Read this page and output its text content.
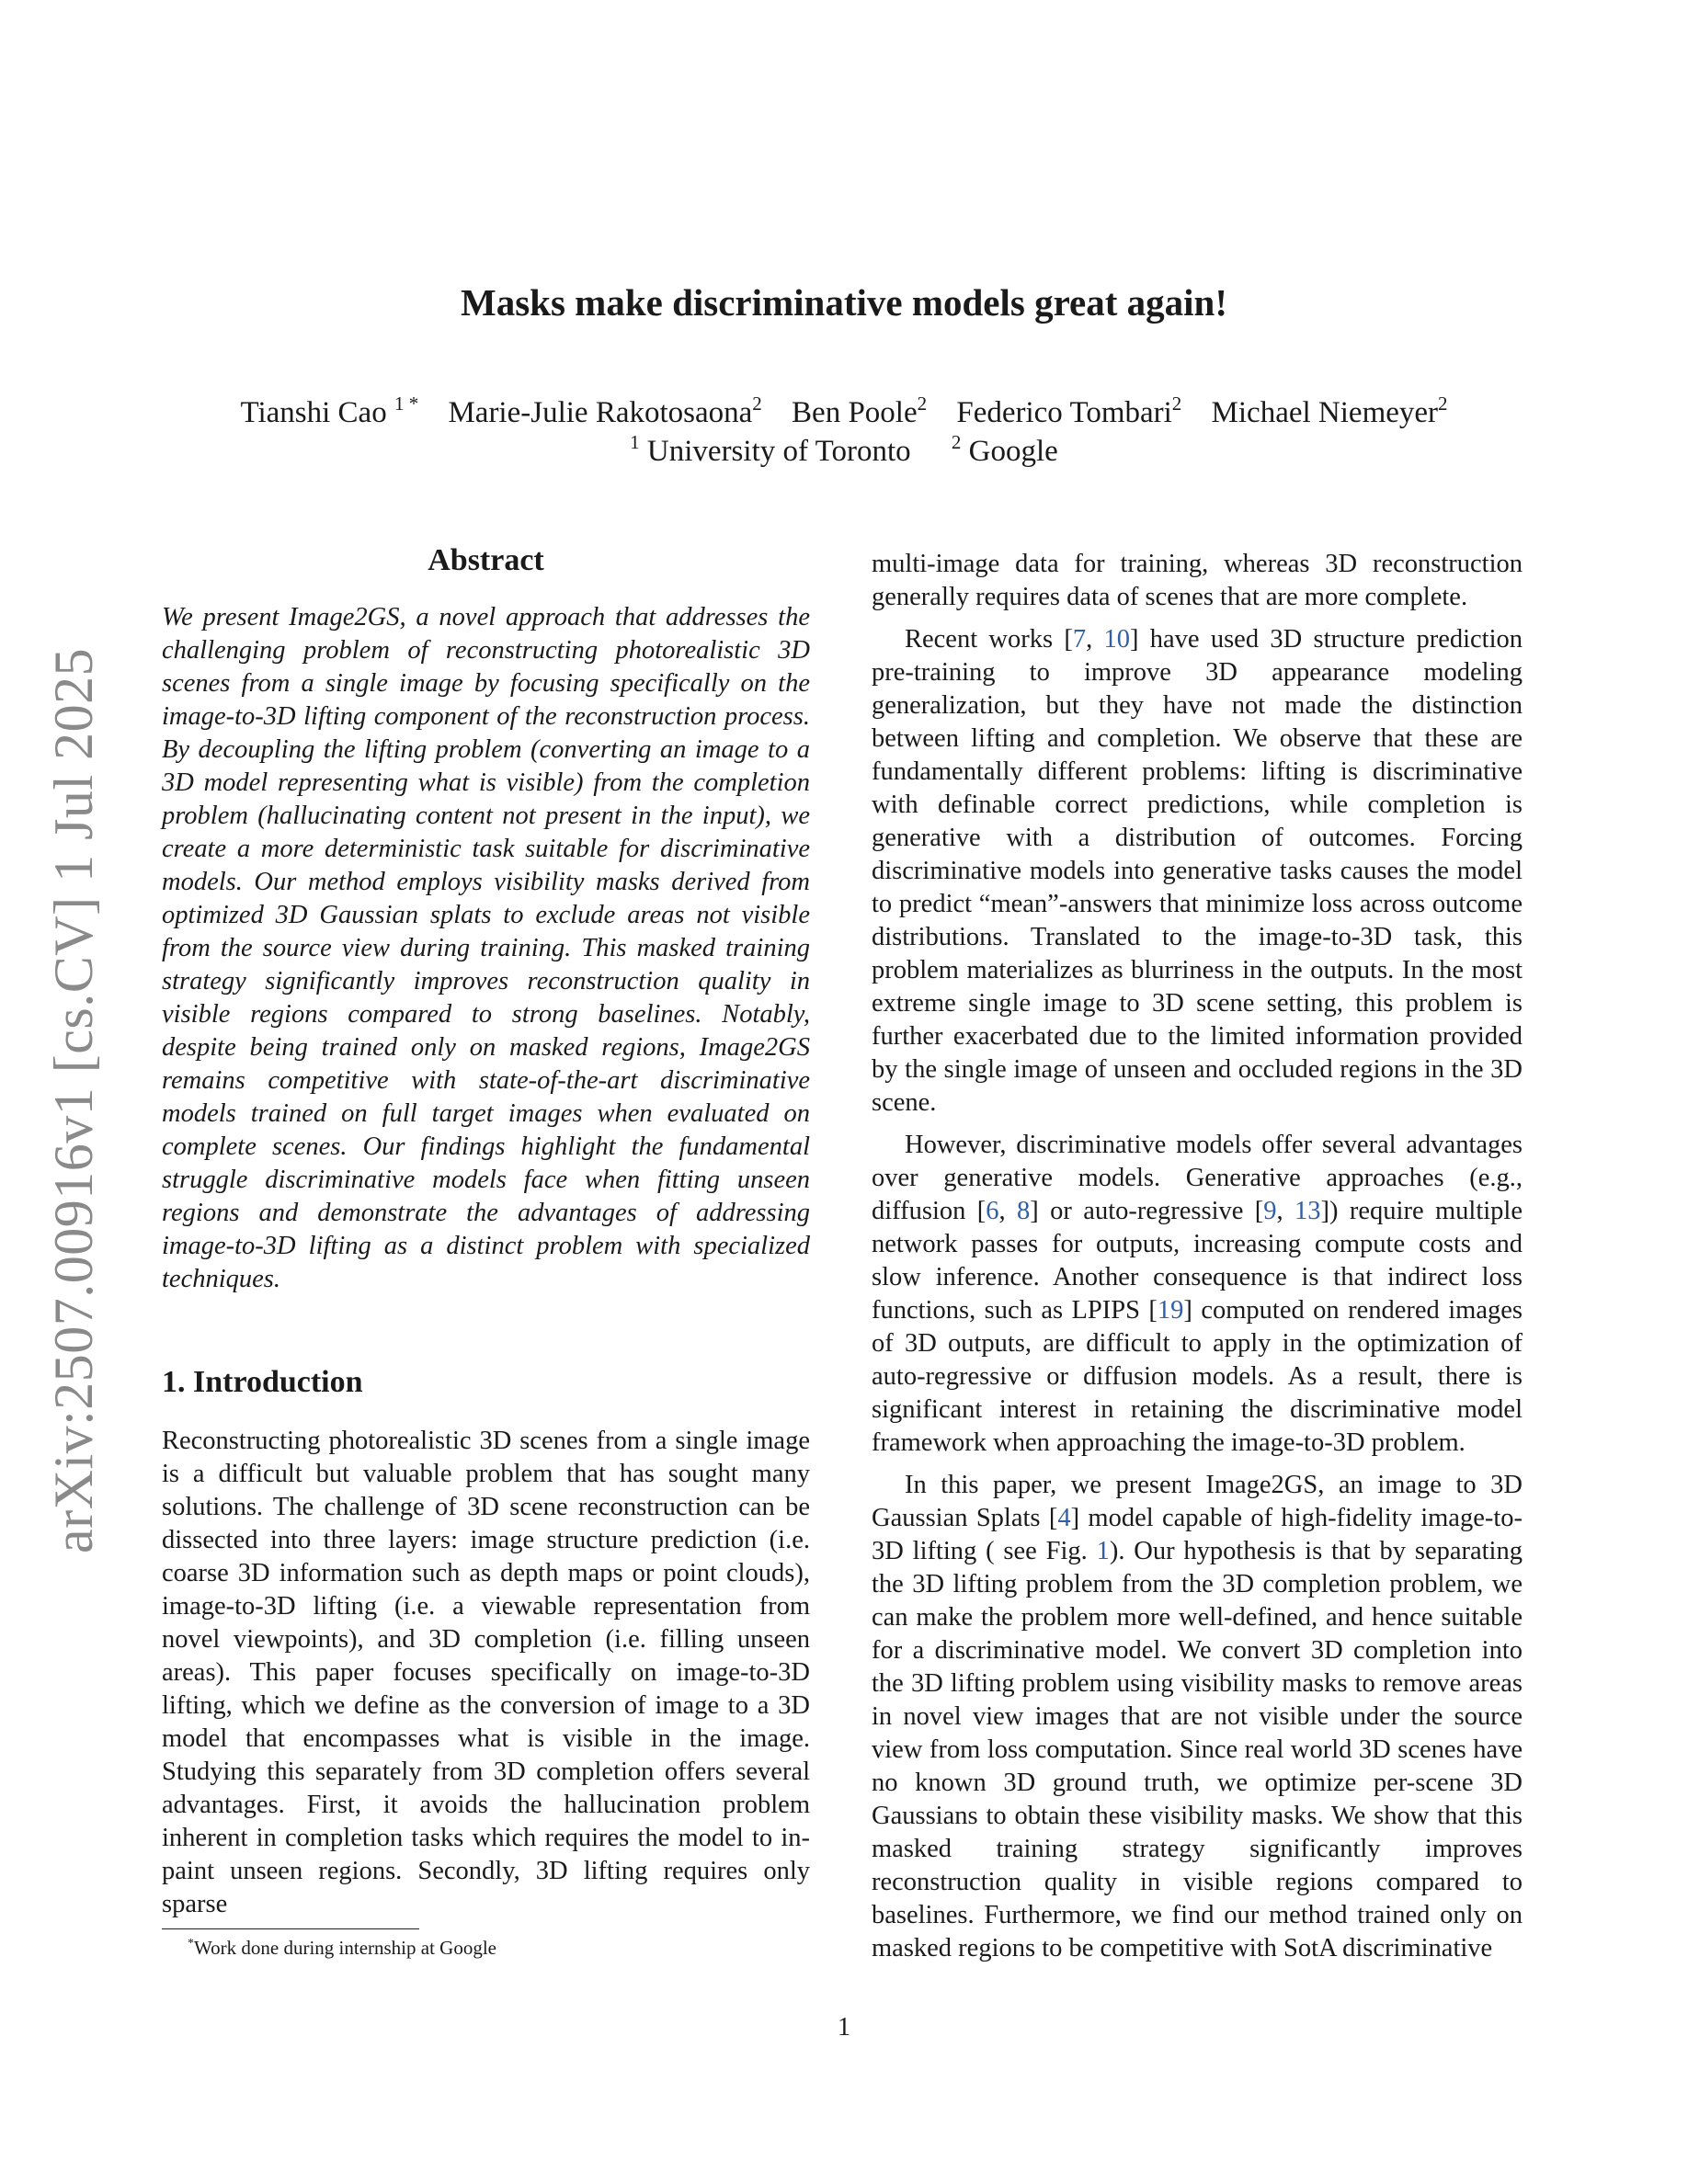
arXiv:2507.00916v1 [cs.CV] 1 Jul 2025
Masks make discriminative models great again!
Tianshi Cao $^{1 *}$ Marie-Julie Rakotosaona$^2$ Ben Poole$^2$ Federico Tombari$^2$ Michael Niemeyer$^2$
$^1$ University of Toronto $^2$ Google
Abstract

We present Image2GS, a novel approach that addresses the challenging problem of reconstructing photorealistic 3D scenes from a single image by focusing specifically on the image-to-3D lifting component of the reconstruction process. By decoupling the lifting problem (converting an image to a 3D model representing what is visible) from the completion problem (hallucinating content not present in the input), we create a more deterministic task suitable for discriminative models. Our method employs visibility masks derived from optimized 3D Gaussian splats to exclude areas not visible from the source view during training. This masked training strategy significantly improves reconstruction quality in visible regions compared to strong baselines. Notably, despite being trained only on masked regions, Image2GS remains competitive with state-of-the-art discriminative models trained on full target images when evaluated on complete scenes. Our findings highlight the fundamental struggle discriminative models face when fitting unseen regions and demonstrate the advantages of addressing image-to-3D lifting as a distinct problem with specialized techniques.

1. Introduction

Reconstructing photorealistic 3D scenes from a single image is a difficult but valuable problem that has sought many solutions. The challenge of 3D scene reconstruction can be dissected into three layers: image structure prediction (i.e. coarse 3D information such as depth maps or point clouds), image-to-3D lifting (i.e. a viewable representation from novel viewpoints), and 3D completion (i.e. filling unseen areas). This paper focuses specifically on image-to-3D lifting, which we define as the conversion of image to a 3D model that encompasses what is visible in the image. Studying this separately from 3D completion offers several advantages. First, it avoids the hallucination problem inherent in completion tasks which requires the model to in-paint unseen regions. Secondly, 3D lifting requires only sparse

multi-image data for training, whereas 3D reconstruction generally requires data of scenes that are more complete.

Recent works [7, 10] have used 3D structure prediction pre-training to improve 3D appearance modeling generalization, but they have not made the distinction between lifting and completion. We observe that these are fundamentally different problems: lifting is discriminative with definable correct predictions, while completion is generative with a distribution of outcomes. Forcing discriminative models into generative tasks causes the model to predict “mean”-answers that minimize loss across outcome distributions. Translated to the image-to-3D task, this problem materializes as blurriness in the outputs. In the most extreme single image to 3D scene setting, this problem is further exacerbated due to the limited information provided by the single image of unseen and occluded regions in the 3D scene.

However, discriminative models offer several advantages over generative models. Generative approaches (e.g., diffusion [6, 8] or auto-regressive [9, 13]) require multiple network passes for outputs, increasing compute costs and slow inference. Another consequence is that indirect loss functions, such as LPIPS [19] computed on rendered images of 3D outputs, are difficult to apply in the optimization of auto-regressive or diffusion models. As a result, there is significant interest in retaining the discriminative model framework when approaching the image-to-3D problem.

In this paper, we present Image2GS, an image to 3D Gaussian Splats [4] model capable of high-fidelity image-to-3D lifting ( see Fig. 1). Our hypothesis is that by separating the 3D lifting problem from the 3D completion problem, we can make the problem more well-defined, and hence suitable for a discriminative model. We convert 3D completion into the 3D lifting problem using visibility masks to remove areas in novel view images that are not visible under the source view from loss computation. Since real world 3D scenes have no known 3D ground truth, we optimize per-scene 3D Gaussians to obtain these visibility masks. We show that this masked training strategy significantly improves reconstruction quality in visible regions compared to baselines. Furthermore, we find our method trained only on masked regions to be competitive with SotA discriminative

*Work done during internship at Google
1
